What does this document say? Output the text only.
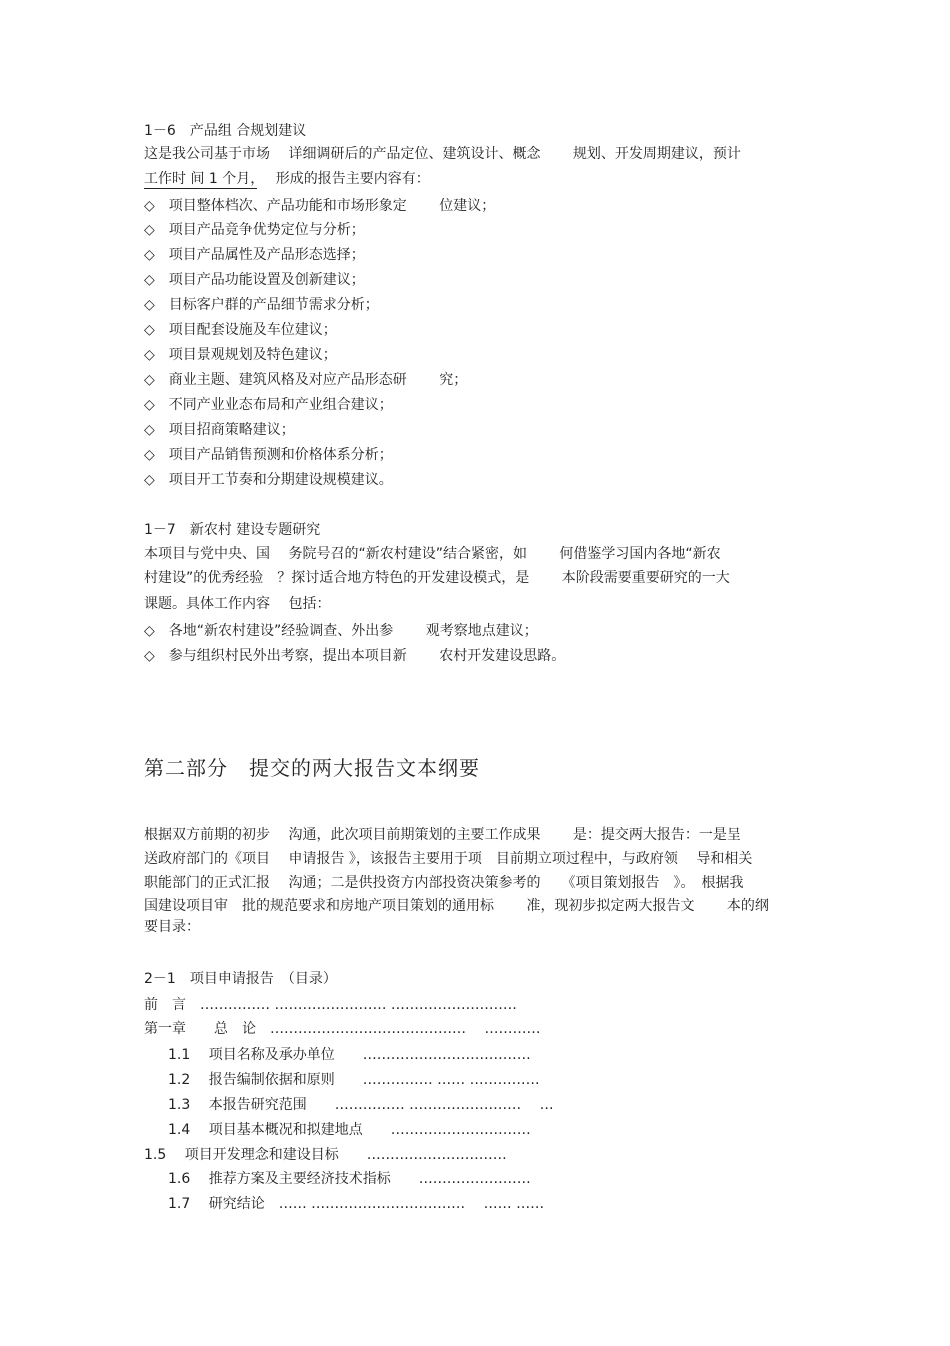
1－6　产品组 合规划建议
这是我公司基于市场　 详细调研后的产品定位、建筑设计、概念　　 规划、开发周期建议，预计
工作时 间 1 个月，　 形成的报告主要内容有：
◇　 项目整体档次、产品功能和市场形象定　　 位建议；
◇　 项目产品竞争优势定位与分析；
◇　 项目产品属性及产品形态选择；
◇　 项目产品功能设置及创新建议；
◇　 目标客户群的产品细节需求分析；
◇　 项目配套设施及车位建议；
◇　 项目景观规划及特色建议；
◇　 商业主题、建筑风格及对应产品形态研　　 究；
◇　 不同产业业态布局和产业组合建议；
◇　 项目招商策略建议；
◇　 项目产品销售预测和价格体系分析；
◇　 项目开工节奏和分期建设规模建议。
1－7　新农村 建设专题研究
本项目与党中央、国　 务院号召的“新农村建设”结合紧密，如　　 何借鉴学习国内各地“新农
村建设”的优秀经验　？探讨适合地方特色的开发建设模式，是　　 本阶段需要重要研究的一大
课题。具体工作内容　 包括：
◇　 各地“新农村建设”经验调查、外出参　　 观考察地点建议；
◇　 参与组织村民外出考察，提出本项目新　　 农村开发建设思路。
第二部分　提交的两大报告文本纲要
根据双方前期的初步　 沟通，此次项目前期策划的主要工作成果　　 是：提交两大报告：一是呈
送政府部门的《项目　 申请报告 》，该报告主要用于项　目前期立项过程中，与政府领　 导和相关
职能部门的正式汇报　 沟通；二是供投资方内部投资决策参考的　　《项目策划报告　》。　根据我
国建设项目审　批的规范要求和房地产项目策划的通用标　　 准，现初步拟定两大报告文　　 本的纲
要目录：
2－1　项目申请报告　（目录）
前　言　 …………… …………………… ………………………
第一章　　总　论　 …………………………………… 　…………
1.1　 项目名称及承办单位　　 ………………………………
1.2　 报告编制依据和原则　　 …………… …… ……………
1.3　 本报告研究范围　　 …………… …………………… 　…
1.4　 项目基本概况和拟建地点　　 …………………………
1.5　 项目开发理念和建设目标　　 …………………………
1.6　 推荐方案及主要经济技术指标　　 ……………………
1.7　 研究结论　 …… …………………………… 　…… ……
